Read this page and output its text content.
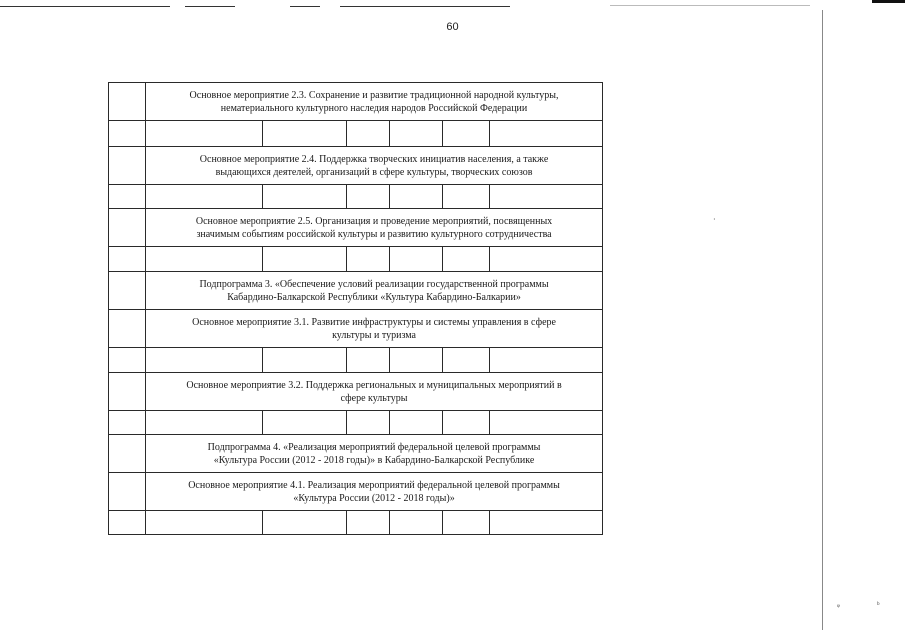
ᵠ	ᵇ
·
60

	Основное мероприятие 2.3. Сохранение и развитие традиционной народной культуры,
нематериального культурного наследия народов Российской Федерации					

	Основное мероприятие 2.4. Поддержка творческих инициатив населения, а также
выдающихся деятелей, организаций в сфере культуры, творческих союзов					

	Основное мероприятие 2.5. Организация и проведение мероприятий, посвященных
значимым событиям российской культуры и развитию культурного сотрудничества					

	Подпрограмма 3. «Обеспечение условий реализации государственной программы
Кабардино-Балкарской Республики «Культура Кабардино-Балкарии»					

	Основное мероприятие 3.1. Развитие инфраструктуры и системы управления в сфере
культуры и туризма					

	Основное мероприятие 3.2. Поддержка региональных и муниципальных мероприятий в
сфере культуры					

	Подпрограмма 4. «Реализация мероприятий федеральной целевой программы
«Культура России (2012 - 2018 годы)» в Кабардино-Балкарской Республике					

	Основное мероприятие 4.1. Реализация мероприятий федеральной целевой программы
«Культура России (2012 - 2018 годы)»					
